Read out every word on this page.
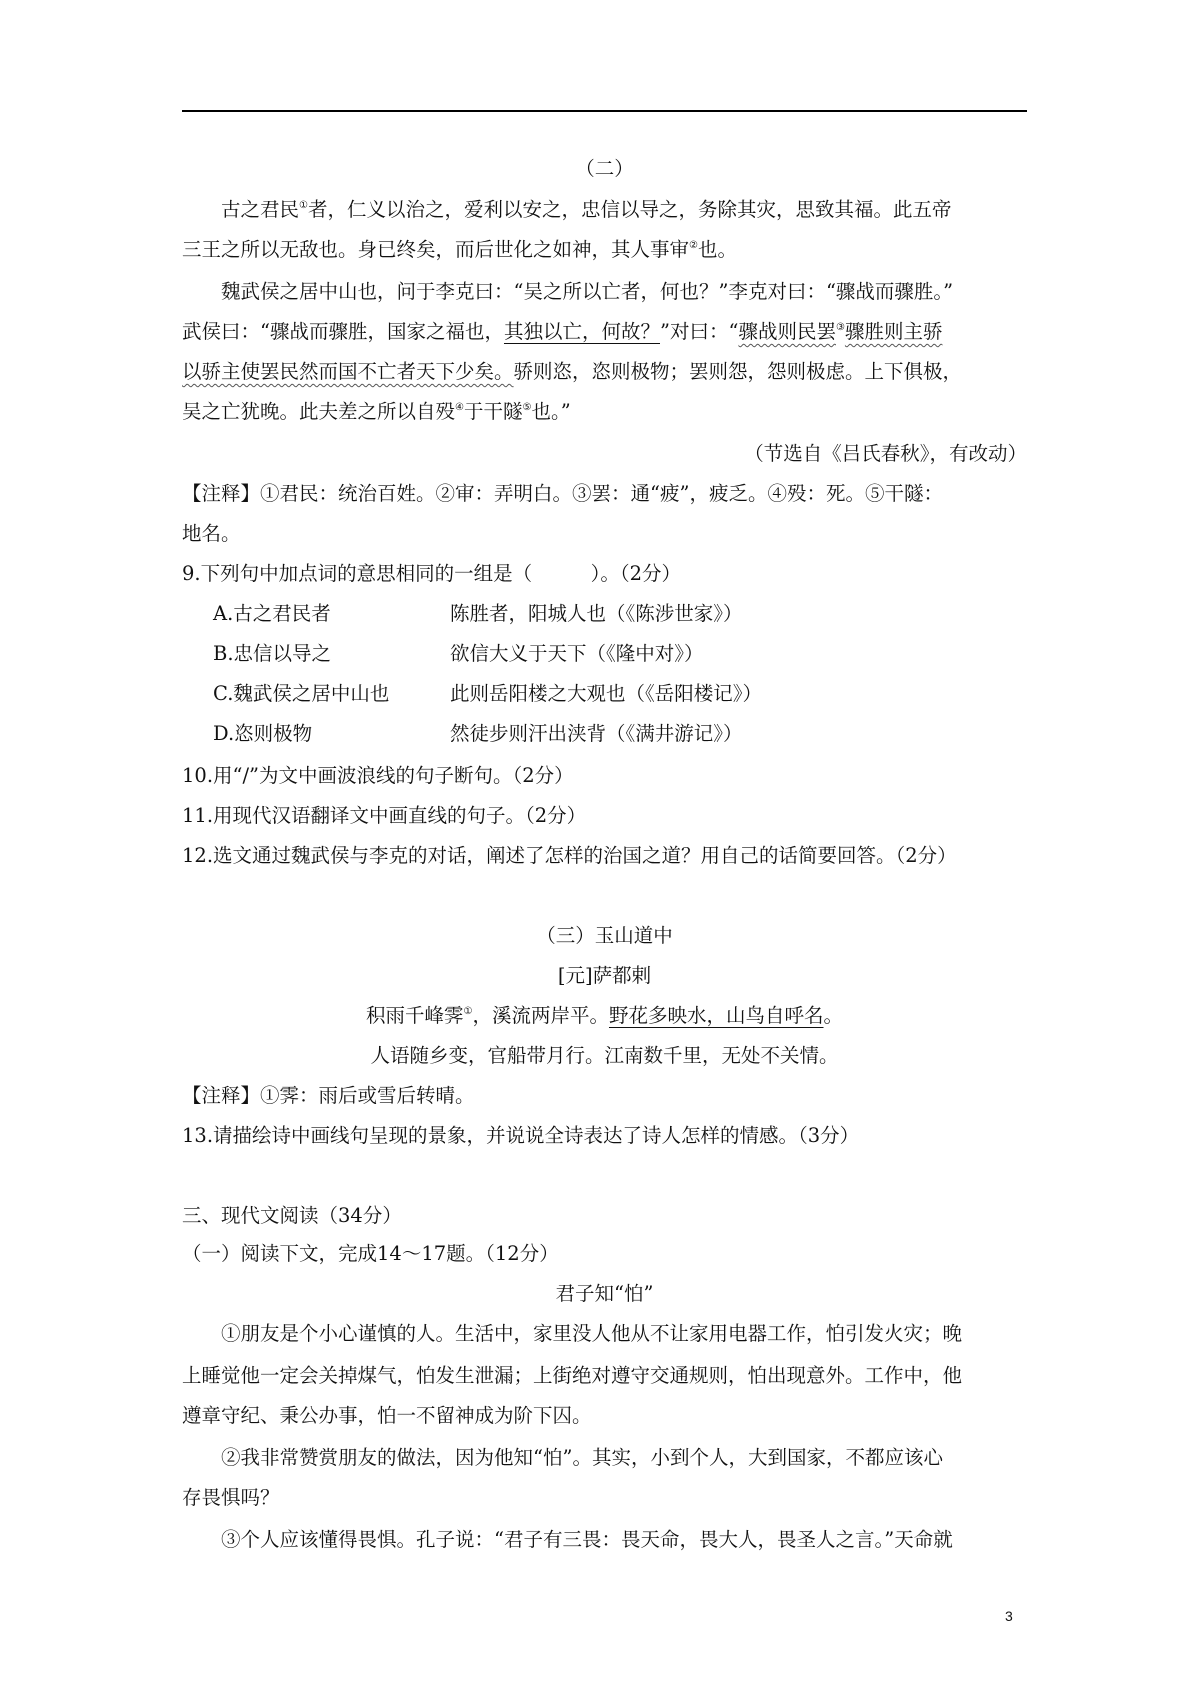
（二）
古之君民①者，仁义以治之，爱利以安之，忠信以导之，务除其灾，思致其福。此五帝
三王之所以无敌也。身已终矣，而后世化之如神，其人事审②也。
魏武侯之居中山也，问于李克曰：“吴之所以亡者，何也？”李克对曰：“骤战而骤胜。”
武侯曰：“骤战而骤胜，国家之福也，其独以亡，何故？”对曰：“骤战则民罢③骤胜则主骄
以骄主使罢民然而国不亡者天下少矣。骄则恣，恣则极物；罢则怨，怨则极虑。上下俱极，
吴之亡犹晚。此夫差之所以自殁④于干隧⑤也。”
（节选自《吕氏春秋》，有改动）
【注释】①君民：统治百姓。②审：弄明白。③罢：通“疲”，疲乏。④殁：死。⑤干隧：
地名。
9.下列句中加点词的意思相同的一组是（　　　）。（2分）
A.古之君民者	陈胜者，阳城人也（《陈涉世家》）
B.忠信以导之	欲信大义于天下（《隆中对》）
C.魏武侯之居中山也	此则岳阳楼之大观也（《岳阳楼记》）
D.恣则极物	然徒步则汗出浃背（《满井游记》）
10.用“/”为文中画波浪线的句子断句。（2分）
11.用现代汉语翻译文中画直线的句子。（2分）
12.选文通过魏武侯与李克的对话，阐述了怎样的治国之道？用自己的话简要回答。（2分）
（三）玉山道中
[元]萨都剌
积雨千峰霁①，溪流两岸平。野花多映水，山鸟自呼名。
人语随乡变，官船带月行。江南数千里，无处不关情。
【注释】①霁：雨后或雪后转晴。
13.请描绘诗中画线句呈现的景象，并说说全诗表达了诗人怎样的情感。（3分）
三、现代文阅读（34分）
（一）阅读下文，完成14～17题。（12分）
君子知“怕”
①朋友是个小心谨慎的人。生活中，家里没人他从不让家用电器工作，怕引发火灾；晚
上睡觉他一定会关掉煤气，怕发生泄漏；上街绝对遵守交通规则，怕出现意外。工作中，他
遵章守纪、秉公办事，怕一不留神成为阶下囚。
②我非常赞赏朋友的做法，因为他知“怕”。其实，小到个人，大到国家，不都应该心
存畏惧吗？
③个人应该懂得畏惧。孔子说：“君子有三畏：畏天命，畏大人，畏圣人之言。”天命就
3
